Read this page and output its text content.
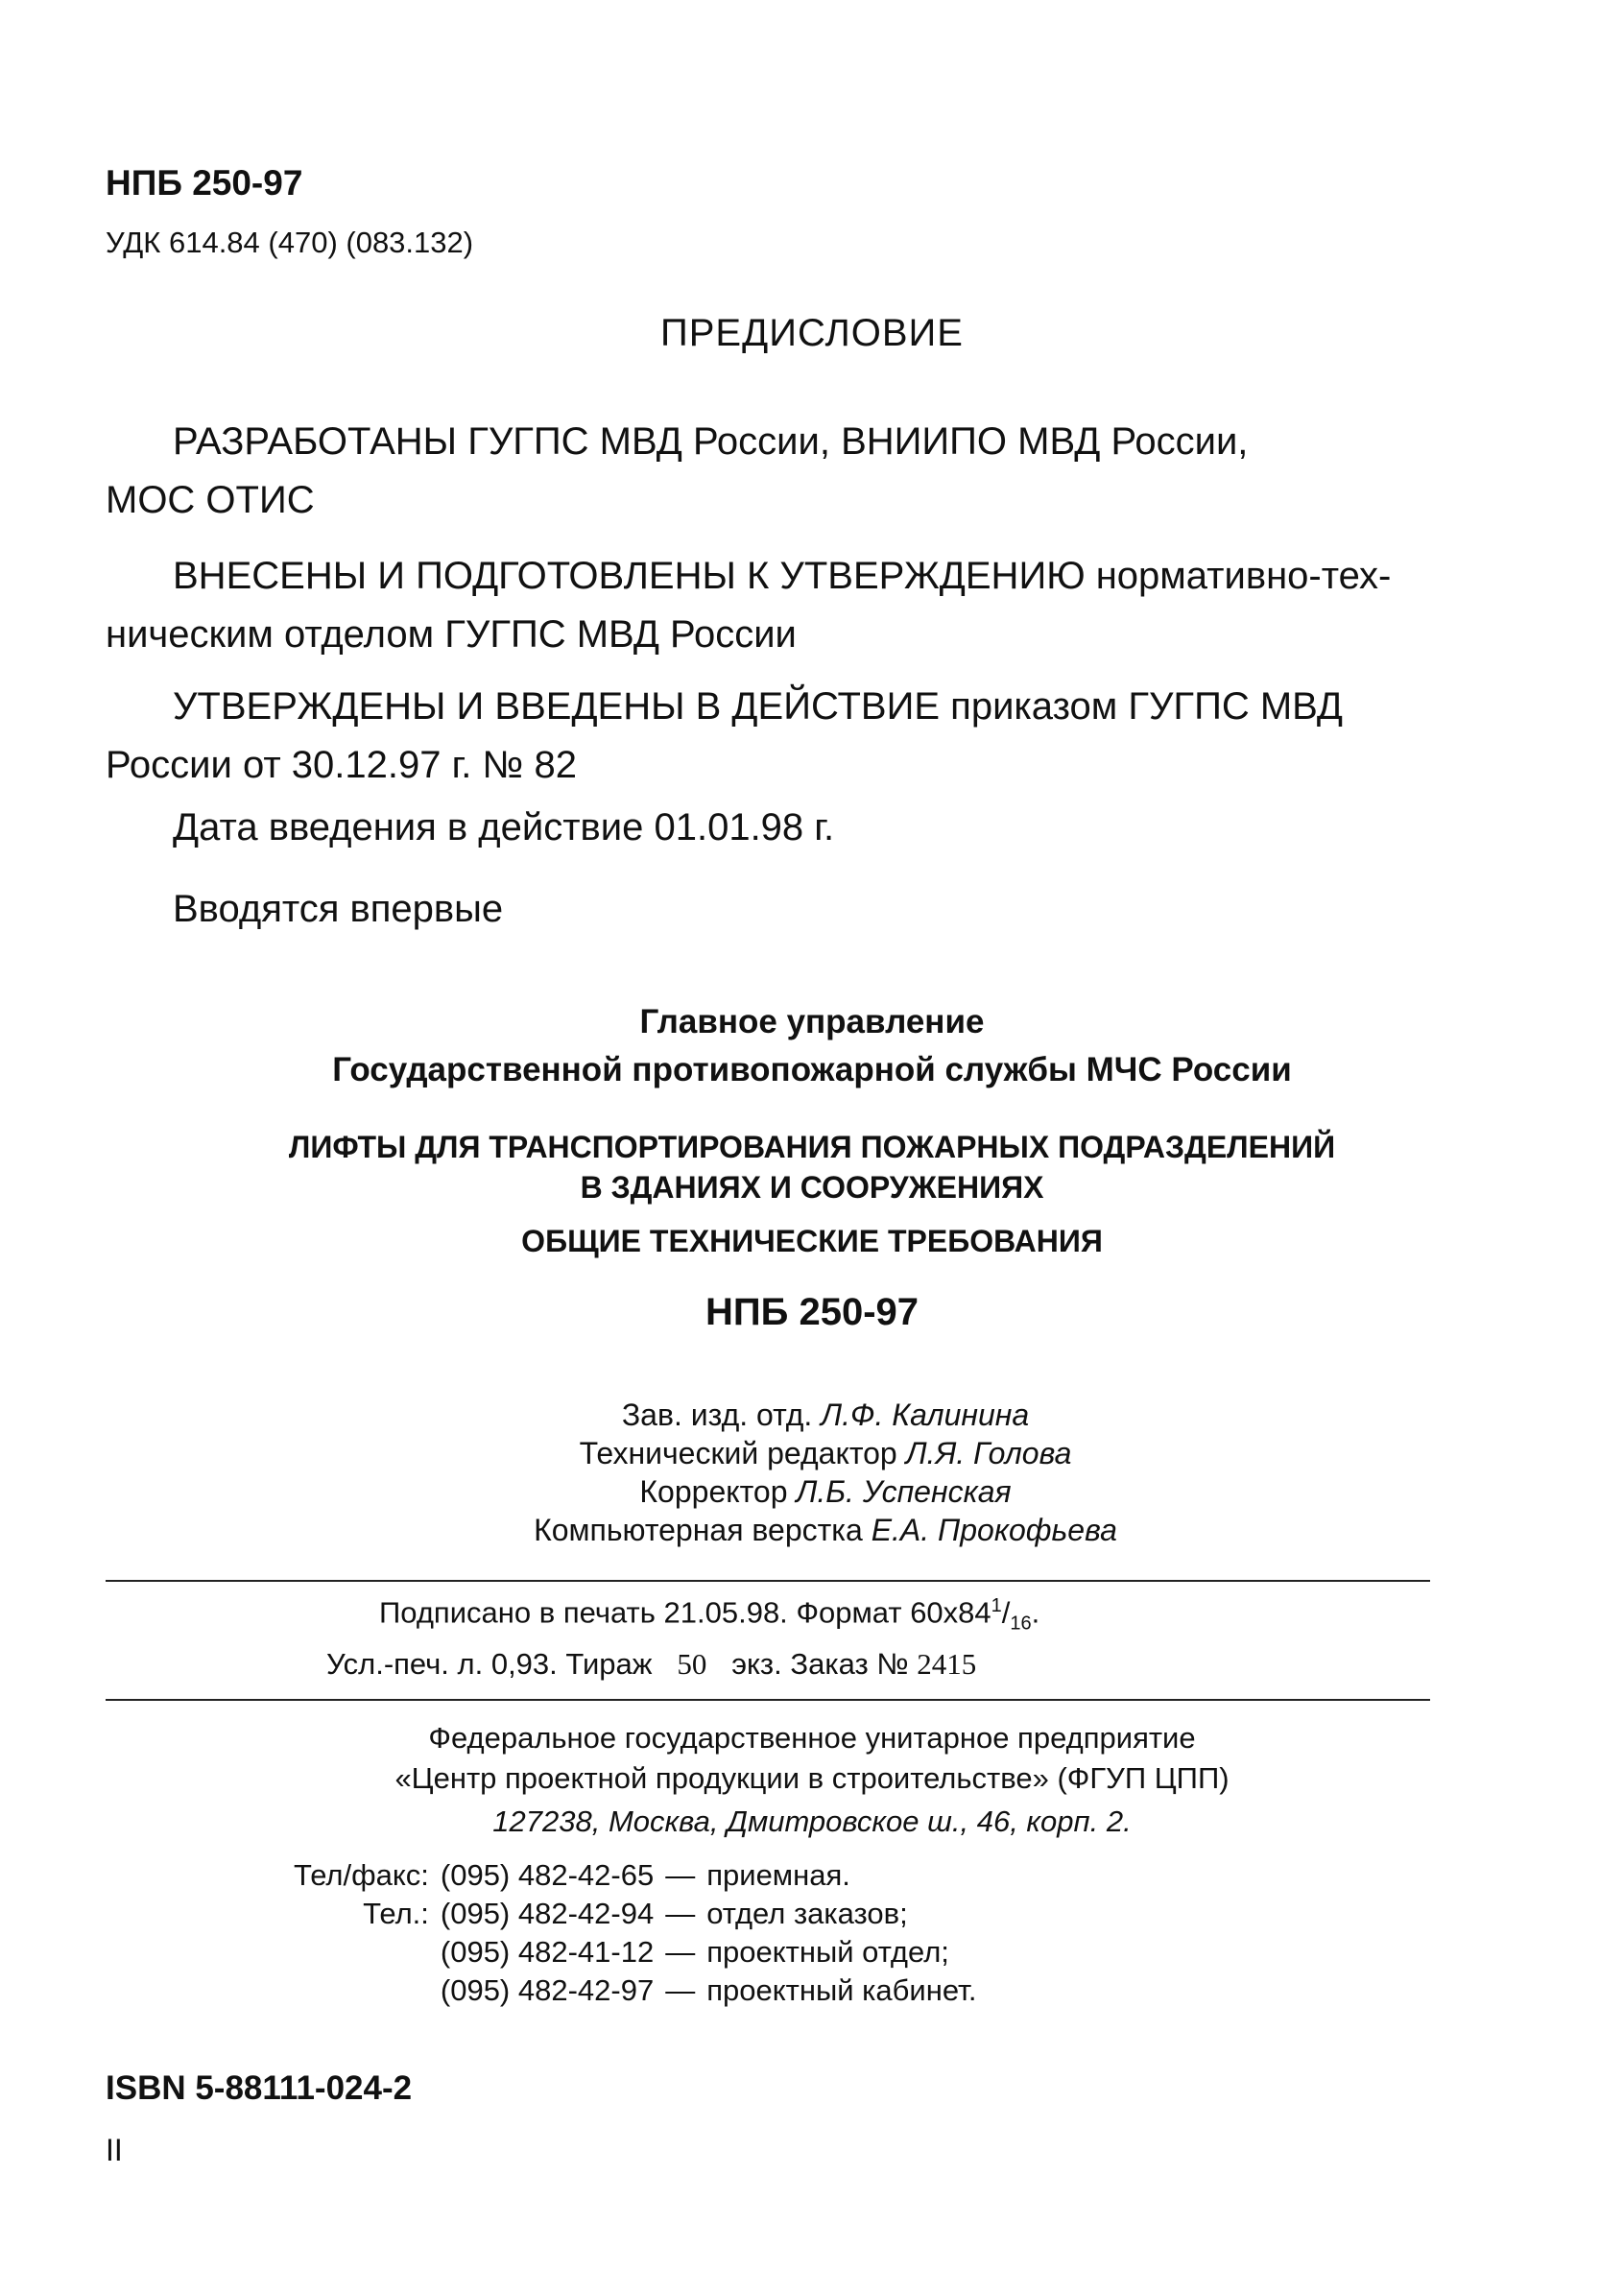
НПБ 250-97

УДК 614.84 (470) (083.132)

ПРЕДИСЛОВИЕ

РАЗРАБОТАНЫ ГУГПС МВД России, ВНИИПО МВД России,
МОС ОТИС
ВНЕСЕНЫ И ПОДГОТОВЛЕНЫ К УТВЕРЖДЕНИЮ нормативно-тех-
ническим отделом ГУГПС МВД России
УТВЕРЖДЕНЫ И ВВЕДЕНЫ В ДЕЙСТВИЕ приказом ГУГПС МВД
России от 30.12.97 г. № 82

Дата введения в действие 01.01.98 г.

Вводятся впервые

Главное управление
Государственной противопожарной службы МЧС России
ЛИФТЫ ДЛЯ ТРАНСПОРТИРОВАНИЯ ПОЖАРНЫХ ПОДРАЗДЕЛЕНИЙ
В ЗДАНИЯХ И СООРУЖЕНИЯХ
ОБЩИЕ ТЕХНИЧЕСКИЕ ТРЕБОВАНИЯ
НПБ 250-97
Зав. изд. отд. Л.Ф. Калинина
Технический редактор Л.Я. Голова
Корректор Л.Б. Успенская
Компьютерная верстка Е.А. Прокофьева

Подписано в печать 21.05.98. Формат $60x84^1/_{16}$.

Усл.-печ. л. 0,93. Тираж 50 экз. Заказ № 2415

Федеральное государственное унитарное предприятие
«Центр проектной продукции в строительстве» (ФГУП ЦПП)

127238, Москва, Дмитровское ш., 46, корп. 2.

Тел/факс:	(095) 482-42-65	—	приемная.
Тел.:	(095) 482-42-94	—	отдел заказов;
	(095) 482-41-12	—	проектный отдел;
	(095) 482-42-97	—	проектный кабинет.

ISBN 5-88111-024-2

II
